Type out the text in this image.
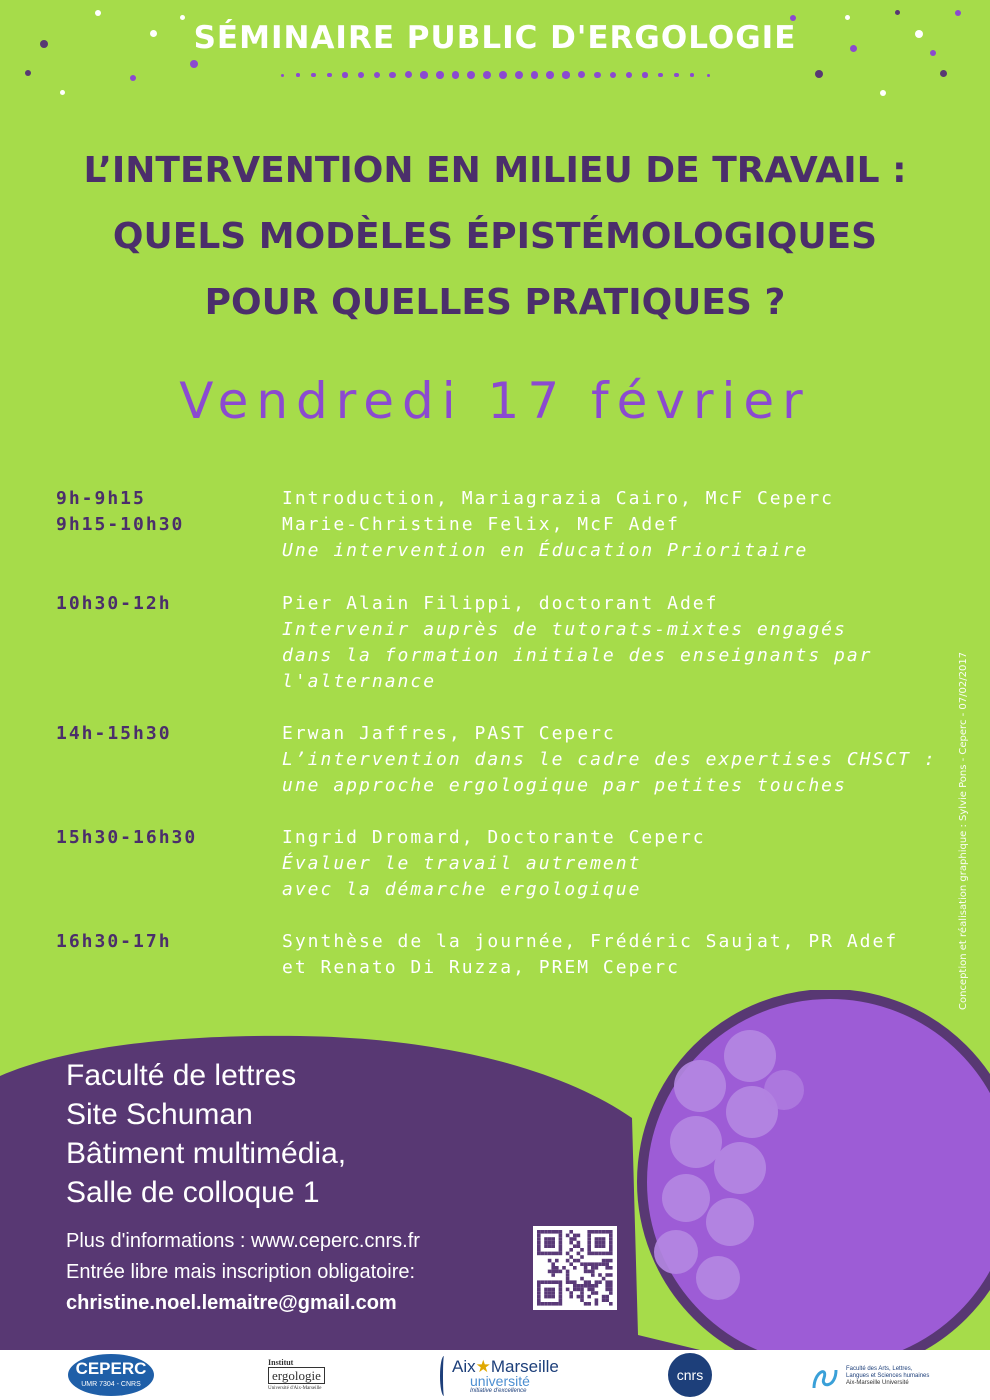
SÉMINAIRE PUBLIC D'ERGOLOGIE
L’INTERVENTION EN MILIEU DE TRAVAIL :
QUELS MODÈLES ÉPISTÉMOLOGIQUES
POUR QUELLES PRATIQUES ?
Vendredi 17 février
9h-9h15	Introduction, Mariagrazia Cairo, McF Ceperc
9h15-10h30	Marie-Christine Felix, McF Adef
Une intervention en Éducation Prioritaire
10h30-12h	Pier Alain Filippi, doctorant Adef
Intervenir auprès de tutorats-mixtes engagés
dans la formation initiale des enseignants par
l'alternance
14h-15h30	Erwan Jaffres, PAST Ceperc
L’intervention dans le cadre des expertises CHSCT :
une approche ergologique par petites touches
15h30-16h30	Ingrid Dromard, Doctorante Ceperc
Évaluer le travail autrement
avec la démarche ergologique
16h30-17h	Synthèse de la journée, Frédéric Saujat, PR Adef
et Renato Di Ruzza, PREM Ceperc	Conception et réalisation graphique : Sylvie Pons - Ceperc - 07/02/2017
Faculté de lettres
Site Schuman
Bâtiment multimédia,
Salle de colloque 1
Plus d'informations : www.ceperc.cnrs.fr
Entrée libre mais inscription obligatoire:
christine.noel.lemaitre@gmail.com
CEPERC
UMR 7304 - CNRS
Institut
ergologie
Université d'Aix-Marseille
Aix★Marseille
université
Initiative d'excellence
cnrs	Faculté des Arts, Lettres,
Langues et Sciences humaines
Aix-Marseille Université
